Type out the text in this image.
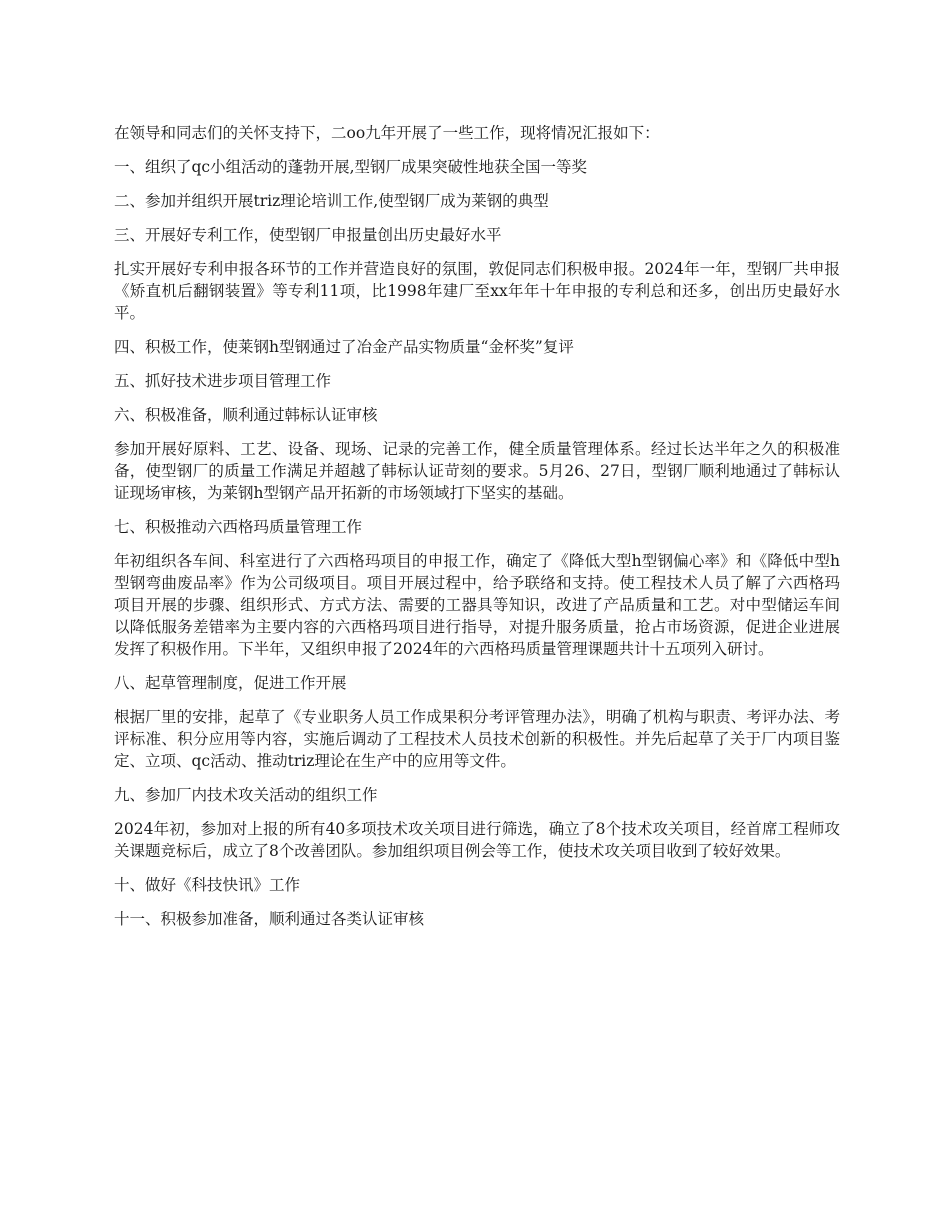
在领导和同志们的关怀支持下，二oo九年开展了一些工作，现将情况汇报如下：

一、组织了qc小组活动的蓬勃开展,型钢厂成果突破性地获全国一等奖

二、参加并组织开展triz理论培训工作,使型钢厂成为莱钢的典型

三、开展好专利工作，使型钢厂申报量创出历史最好水平

扎实开展好专利申报各环节的工作并营造良好的氛围，敦促同志们积极申报。2024年一年，型钢厂共申报《矫直机后翻钢装置》等专利11项，比1998年建厂至xx年年十年申报的专利总和还多，创出历史最好水平。

四、积极工作，使莱钢h型钢通过了冶金产品实物质量“金杯奖”复评

五、抓好技术进步项目管理工作

六、积极准备，顺利通过韩标认证审核

参加开展好原料、工艺、设备、现场、记录的完善工作，健全质量管理体系。经过长达半年之久的积极准备，使型钢厂的质量工作满足并超越了韩标认证苛刻的要求。5月26、27日，型钢厂顺利地通过了韩标认证现场审核，为莱钢h型钢产品开拓新的市场领域打下坚实的基础。

七、积极推动六西格玛质量管理工作

年初组织各车间、科室进行了六西格玛项目的申报工作，确定了《降低大型h型钢偏心率》和《降低中型h型钢弯曲废品率》作为公司级项目。项目开展过程中，给予联络和支持。使工程技术人员了解了六西格玛项目开展的步骤、组织形式、方式方法、需要的工器具等知识，改进了产品质量和工艺。对中型储运车间以降低服务差错率为主要内容的六西格玛项目进行指导，对提升服务质量，抢占市场资源，促进企业进展发挥了积极作用。下半年，又组织申报了2024年的六西格玛质量管理课题共计十五项列入研讨。

八、起草管理制度，促进工作开展

根据厂里的安排，起草了《专业职务人员工作成果积分考评管理办法》，明确了机构与职责、考评办法、考评标准、积分应用等内容，实施后调动了工程技术人员技术创新的积极性。并先后起草了关于厂内项目鉴定、立项、qc活动、推动triz理论在生产中的应用等文件。

九、参加厂内技术攻关活动的组织工作

2024年初，参加对上报的所有40多项技术攻关项目进行筛选，确立了8个技术攻关项目，经首席工程师攻关课题竞标后，成立了8个改善团队。参加组织项目例会等工作，使技术攻关项目收到了较好效果。

十、做好《科技快讯》工作

十一、积极参加准备，顺利通过各类认证审核
